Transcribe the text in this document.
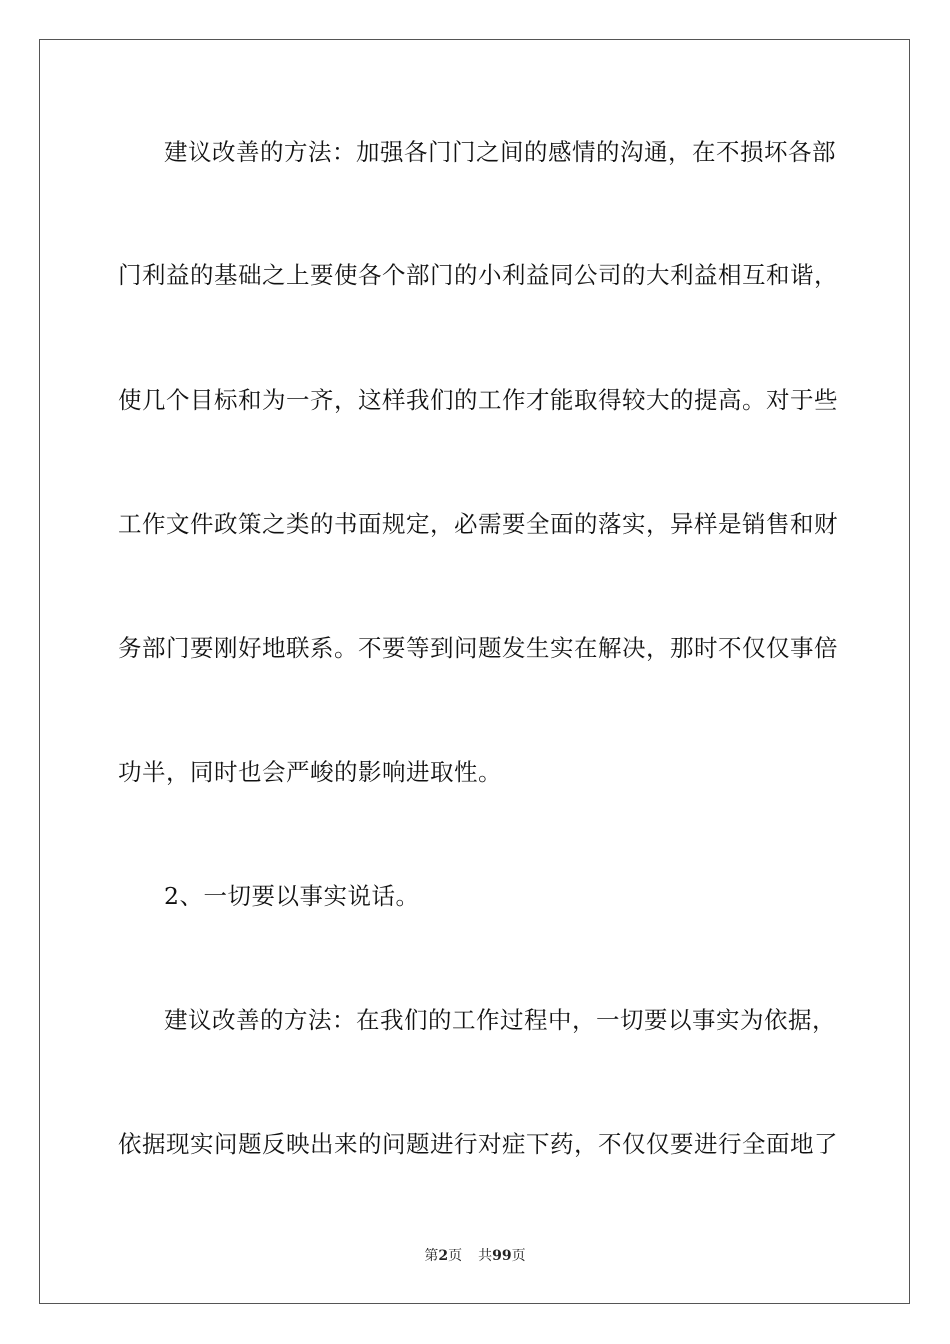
建议改善的方法：加强各门门之间的感情的沟通，在不损坏各部
门利益的基础之上要使各个部门的小利益同公司的大利益相互和谐，
使几个目标和为一齐，这样我们的工作才能取得较大的提高。对于些
工作文件政策之类的书面规定，必需要全面的落实，异样是销售和财
务部门要刚好地联系。不要等到问题发生实在解决，那时不仅仅事倍
功半，同时也会严峻的影响进取性。
2、一切要以事实说话。
建议改善的方法：在我们的工作过程中，一切要以事实为依据，
依据现实问题反映出来的问题进行对症下药，不仅仅要进行全面地了
第2页 共99页
